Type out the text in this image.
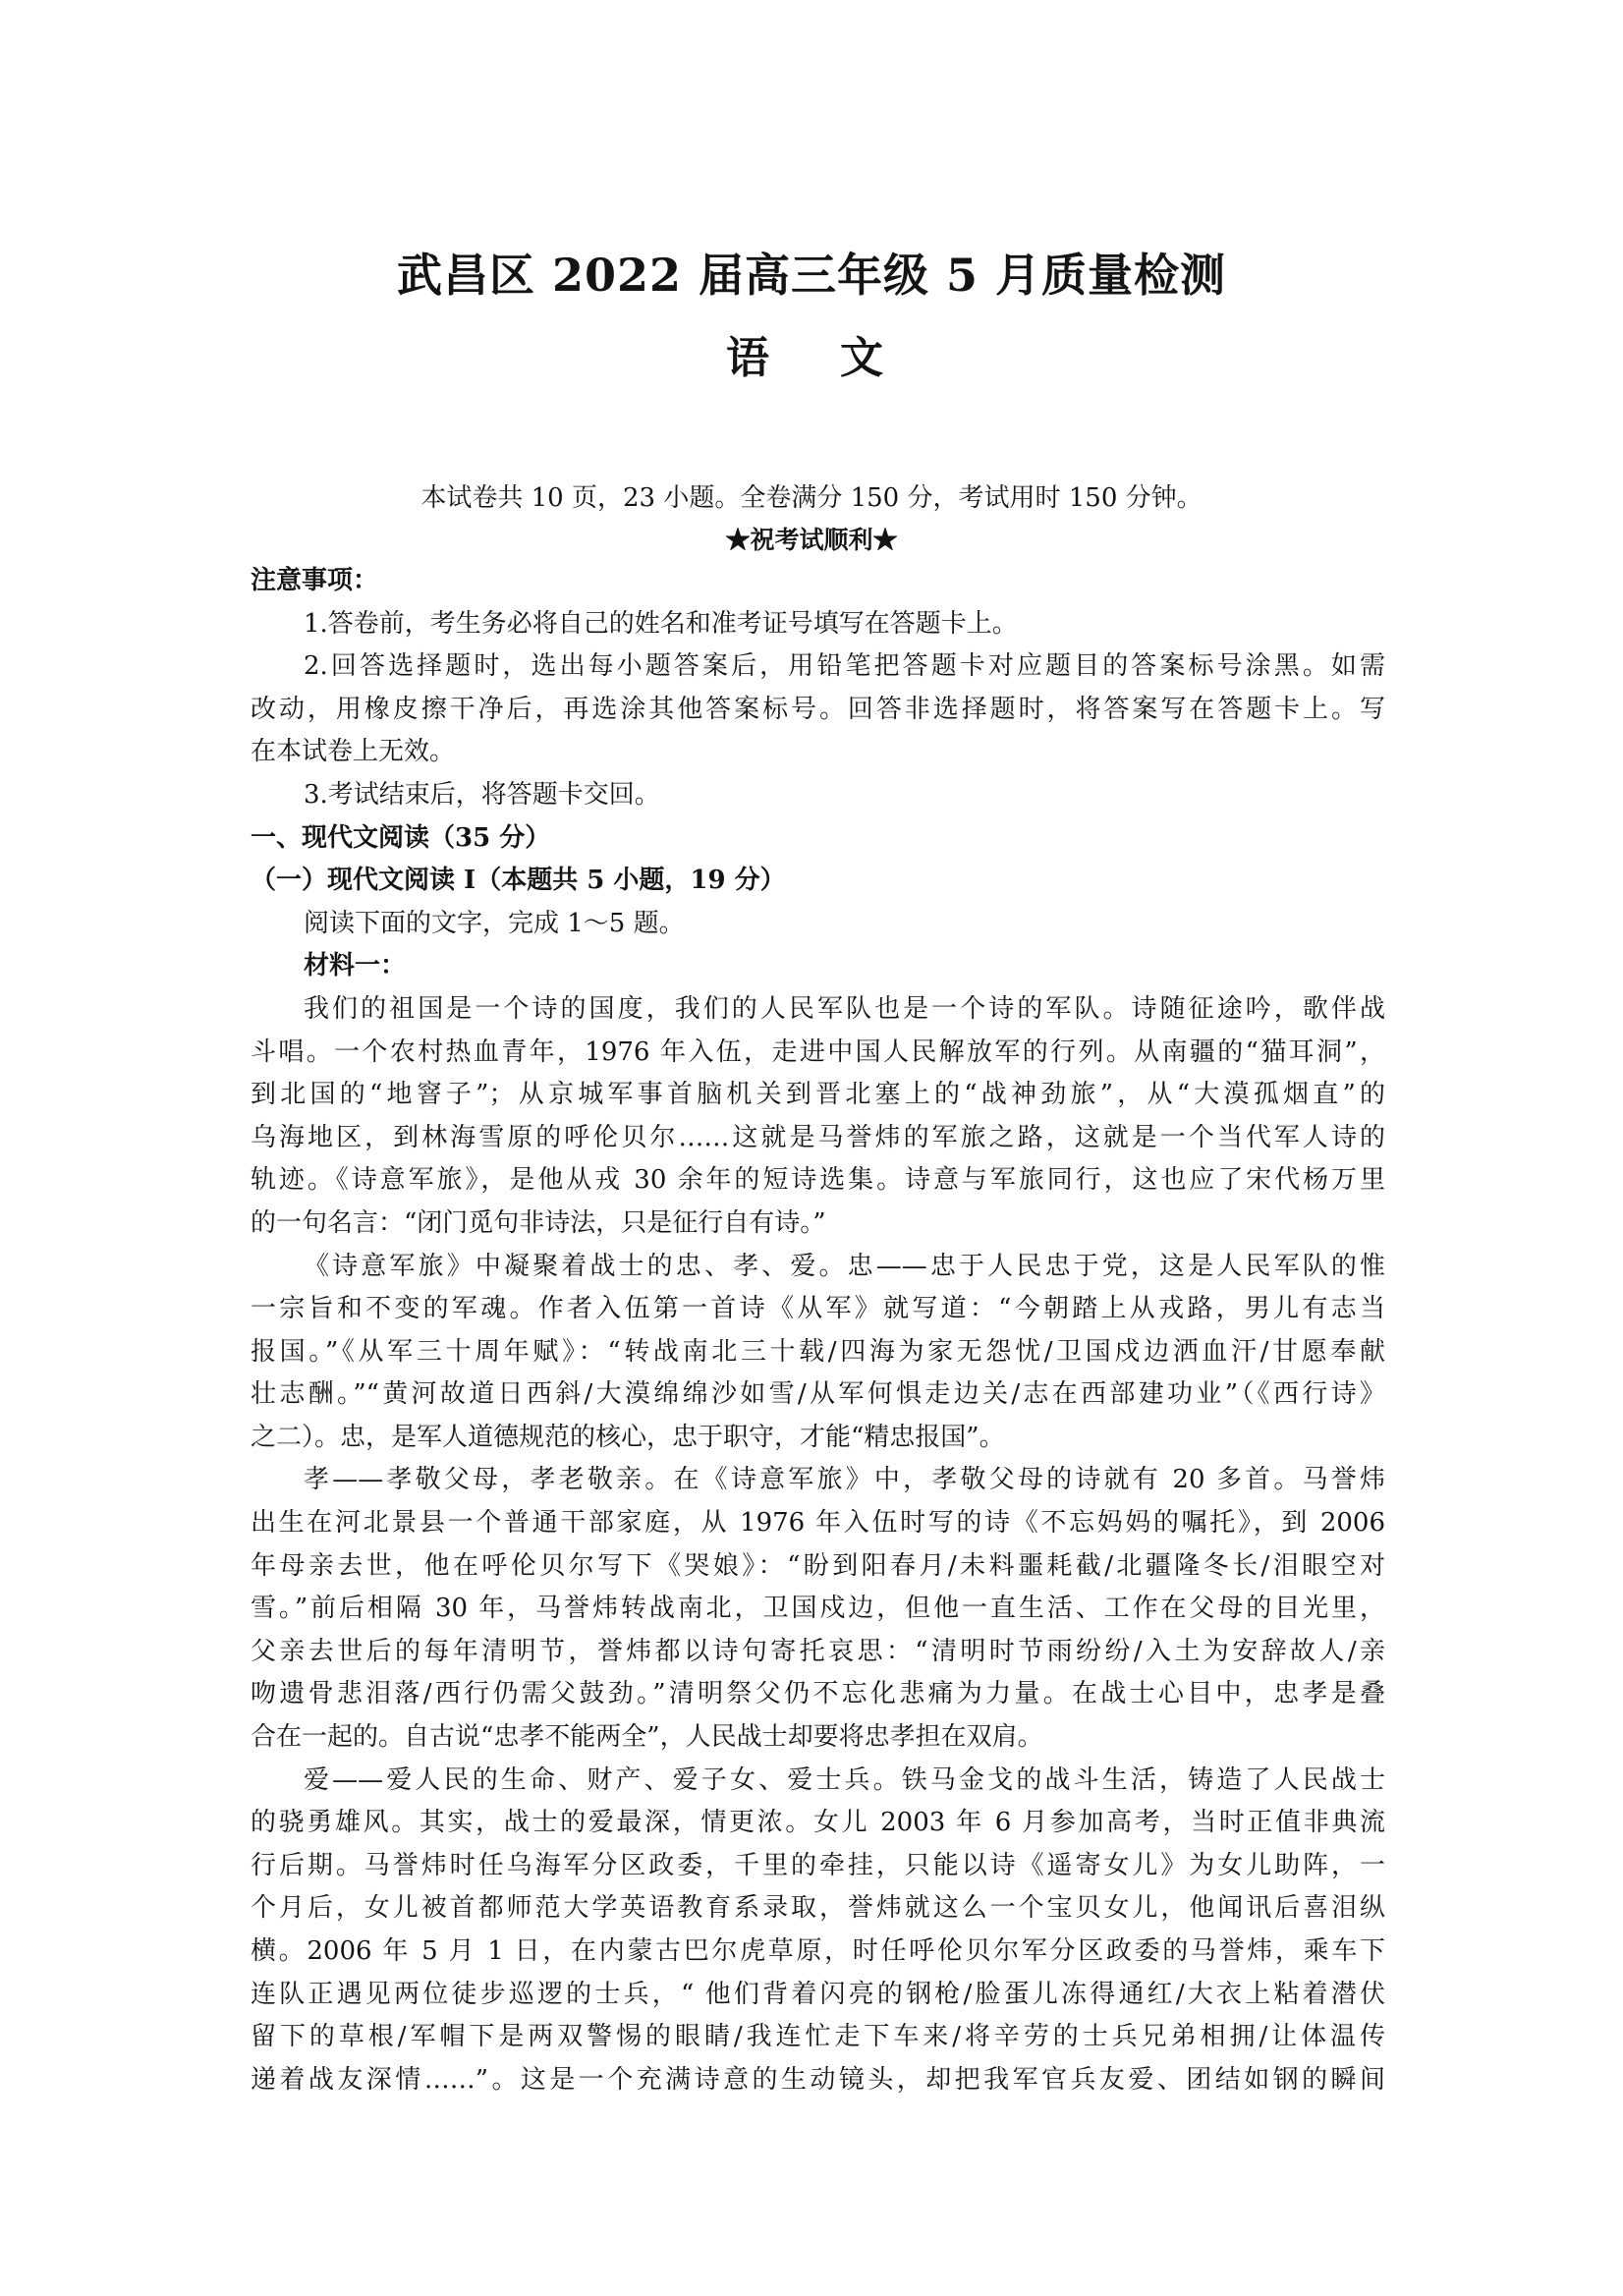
武昌区 2022 届高三年级 5 月质量检测
语　文
本试卷共 10 页，23 小题。全卷满分 150 分，考试用时 150 分钟。
★祝考试顺利★
注意事项：
1.答卷前，考生务必将自己的姓名和准考证号填写在答题卡上。
2.回答选择题时，选出每小题答案后，用铅笔把答题卡对应题目的答案标号涂黑。如需
改动，用橡皮擦干净后，再选涂其他答案标号。回答非选择题时，将答案写在答题卡上。写
在本试卷上无效。
3.考试结束后，将答题卡交回。
一、现代文阅读（35 分）
（一）现代文阅读 I（本题共 5 小题，19 分）
阅读下面的文字，完成 1～5 题。
材料一：
我们的祖国是一个诗的国度，我们的人民军队也是一个诗的军队。诗随征途吟，歌伴战
斗唱。一个农村热血青年，1976 年入伍，走进中国人民解放军的行列。从南疆的“猫耳洞”，
到北国的“地窨子”；从京城军事首脑机关到晋北塞上的“战神劲旅”，从“大漠孤烟直”的
乌海地区，到林海雪原的呼伦贝尔……这就是马誉炜的军旅之路，这就是一个当代军人诗的
轨迹。《诗意军旅》，是他从戎 30 余年的短诗选集。诗意与军旅同行，这也应了宋代杨万里
的一句名言：“闭门觅句非诗法，只是征行自有诗。”
《诗意军旅》中凝聚着战士的忠、孝、爱。忠——忠于人民忠于党，这是人民军队的惟
一宗旨和不变的军魂。作者入伍第一首诗《从军》就写道：“今朝踏上从戎路，男儿有志当
报国。”《从军三十周年赋》：“转战南北三十载/四海为家无怨忧/卫国戍边洒血汗/甘愿奉献
壮志酬。”“黄河故道日西斜/大漠绵绵沙如雪/从军何惧走边关/志在西部建功业”（《西行诗》
之二）。忠，是军人道德规范的核心，忠于职守，才能“精忠报国”。
孝——孝敬父母，孝老敬亲。在《诗意军旅》中，孝敬父母的诗就有 20 多首。马誉炜
出生在河北景县一个普通干部家庭，从 1976 年入伍时写的诗《不忘妈妈的嘱托》，到 2006
年母亲去世，他在呼伦贝尔写下《哭娘》：“盼到阳春月/未料噩耗截/北疆隆冬长/泪眼空对
雪。”前后相隔 30 年，马誉炜转战南北，卫国戍边，但他一直生活、工作在父母的目光里，
父亲去世后的每年清明节，誉炜都以诗句寄托哀思：“清明时节雨纷纷/入土为安辞故人/亲
吻遗骨悲泪落/西行仍需父鼓劲。”清明祭父仍不忘化悲痛为力量。在战士心目中，忠孝是叠
合在一起的。自古说“忠孝不能两全”，人民战士却要将忠孝担在双肩。
爱——爱人民的生命、财产、爱子女、爱士兵。铁马金戈的战斗生活，铸造了人民战士
的骁勇雄风。其实，战士的爱最深，情更浓。女儿 2003 年 6 月参加高考，当时正值非典流
行后期。马誉炜时任乌海军分区政委，千里的牵挂，只能以诗《遥寄女儿》为女儿助阵，一
个月后，女儿被首都师范大学英语教育系录取，誉炜就这么一个宝贝女儿，他闻讯后喜泪纵
横。2006 年 5 月 1 日，在内蒙古巴尔虎草原，时任呼伦贝尔军分区政委的马誉炜，乘车下
连队正遇见两位徒步巡逻的士兵，“ 他们背着闪亮的钢枪/脸蛋儿冻得通红/大衣上粘着潜伏
留下的草根/军帽下是两双警惕的眼睛/我连忙走下车来/将辛劳的士兵兄弟相拥/让体温传
递着战友深情……”。这是一个充满诗意的生动镜头，却把我军官兵友爱、团结如钢的瞬间
